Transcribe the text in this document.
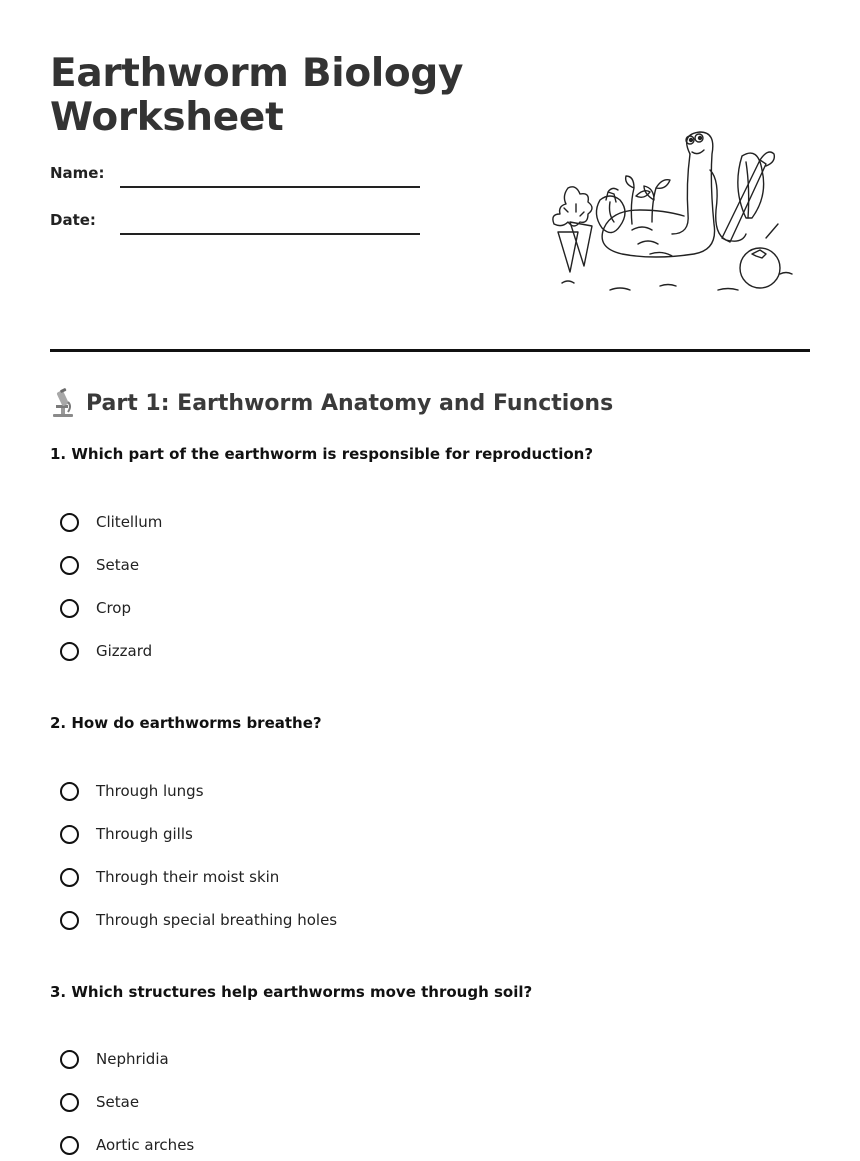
Earthworm Biology Worksheet
Name:
Date:
Part 1: Earthworm Anatomy and Functions
1. Which part of the earthworm is responsible for reproduction?
Clitellum
Setae
Crop
Gizzard
2. How do earthworms breathe?
Through lungs
Through gills
Through their moist skin
Through special breathing holes
3. Which structures help earthworms move through soil?
Nephridia
Setae
Aortic arches
